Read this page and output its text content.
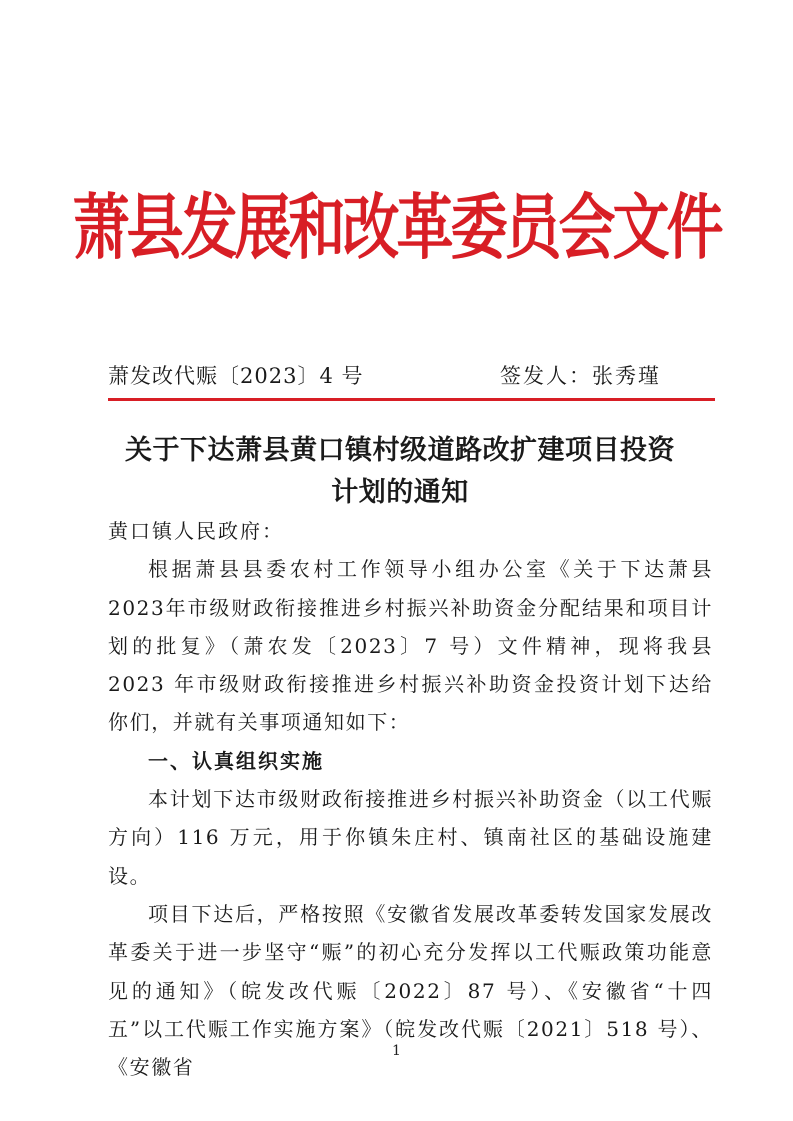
萧县发展和改革委员会文件
萧发改代赈〔2023〕4 号	签发人：张秀瑾
关于下达萧县黄口镇村级道路改扩建项目投资
计划的通知

黄口镇人民政府：

根据萧县县委农村工作领导小组办公室《关于下达萧县2023年市级财政衔接推进乡村振兴补助资金分配结果和项目计划的批复》（萧农发〔2023〕7 号）文件精神，现将我县 2023 年市级财政衔接推进乡村振兴补助资金投资计划下达给你们，并就有关事项通知如下：

一、认真组织实施

本计划下达市级财政衔接推进乡村振兴补助资金（以工代赈方向）116 万元，用于你镇朱庄村、镇南社区的基础设施建设。

项目下达后，严格按照《安徽省发展改革委转发国家发展改革委关于进一步坚守“赈”的初心充分发挥以工代赈政策功能意见的通知》（皖发改代赈〔2022〕87 号）、《安徽省“十四五”以工代赈工作实施方案》（皖发改代赈〔2021〕518 号）、《安徽省

1
